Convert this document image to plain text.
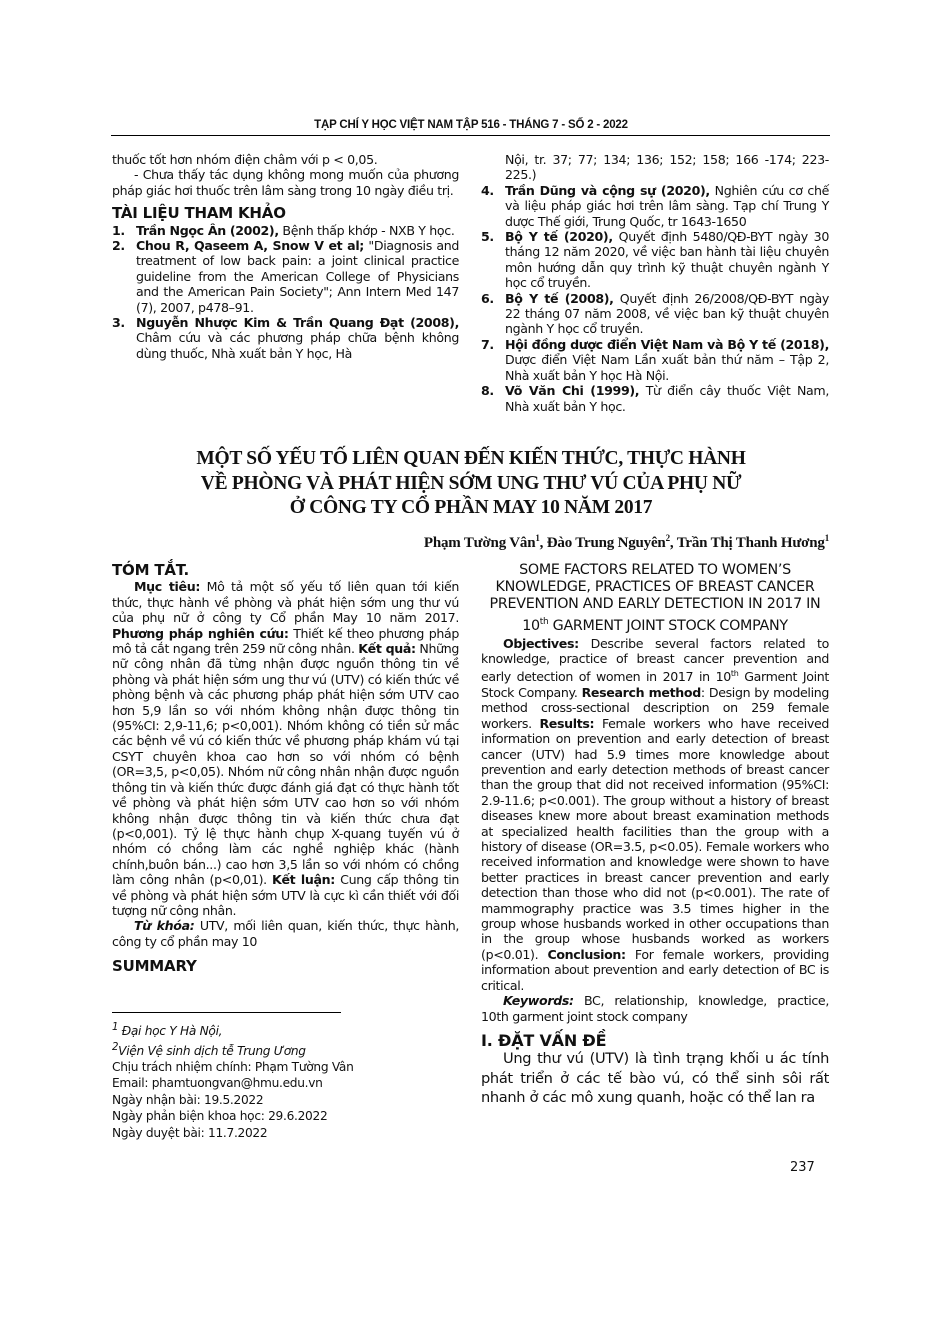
TẠP CHÍ Y HỌC VIỆT NAM TẬP 516 - THÁNG 7 - SỐ 2 - 2022

thuốc tốt hơn nhóm điện châm với p < 0,05.

- Chưa thấy tác dụng không mong muốn của phương pháp giác hơi thuốc trên lâm sàng trong 10 ngày điều trị.

TÀI LIỆU THAM KHẢO
1. Trần Ngọc Ân (2002), Bệnh thấp khớp - NXB Y học.
2. Chou R, Qaseem A, Snow V et al; "Diagnosis and treatment of low back pain: a joint clinical practice guideline from the American College of Physicians and the American Pain Society"; Ann Intern Med 147 (7), 2007, p478–91.
3. Nguyễn Nhược Kim & Trần Quang Đạt (2008), Châm cứu và các phương pháp chữa bệnh không dùng thuốc, Nhà xuất bản Y học, Hà
Nội, tr. 37; 77; 134; 136; 152; 158; 166 -174; 223-225.)
4. Trần Dũng và cộng sự (2020), Nghiên cứu cơ chế và liệu pháp giác hơi trên lâm sàng. Tạp chí Trung Y dược Thế giới, Trung Quốc, tr 1643-1650
5. Bộ Y tế (2020), Quyết định 5480/QĐ-BYT ngày 30 tháng 12 năm 2020, về việc ban hành tài liệu chuyên môn hướng dẫn quy trình kỹ thuật chuyên ngành Y học cổ truyền.
6. Bộ Y tế (2008), Quyết định 26/2008/QĐ-BYT ngày 22 tháng 07 năm 2008, về việc ban kỹ thuật chuyên ngành Y học cổ truyền.
7. Hội đồng dược điển Việt Nam và Bộ Y tế (2018), Dược điển Việt Nam Lần xuất bản thứ năm – Tập 2, Nhà xuất bản Y học Hà Nội.
8. Võ Văn Chi (1999), Từ điển cây thuốc Việt Nam, Nhà xuất bản Y học.
MỘT SỐ YẾU TỐ LIÊN QUAN ĐẾN KIẾN THỨC, THỰC HÀNH
VỀ PHÒNG VÀ PHÁT HIỆN SỚM UNG THƯ VÚ CỦA PHỤ NỮ
Ở CÔNG TY CỔ PHẦN MAY 10 NĂM 2017
Phạm Tường Vân$^1$, Đào Trung Nguyên$^2$, Trần Thị Thanh Hương$^1$
TÓM TẮT.

Mục tiêu: Mô tả một số yếu tố liên quan tới kiến thức, thực hành về phòng và phát hiện sớm ung thư vú của phụ nữ ở công ty Cổ phần May 10 năm 2017. Phương pháp nghiên cứu: Thiết kế theo phương pháp mô tả cắt ngang trên 259 nữ công nhân. Kết quả: Những nữ công nhân đã từng nhận được nguồn thông tin về phòng và phát hiện sớm ung thư vú (UTV) có kiến thức về phòng bệnh và các phương pháp phát hiện sớm UTV cao hơn 5,9 lần so với nhóm không nhận được thông tin (95%CI: 2,9-11,6; p<0,001). Nhóm không có tiền sử mắc các bệnh về vú có kiến thức về phương pháp khám vú tại CSYT chuyên khoa cao hơn so với nhóm có bệnh (OR=3,5, p<0,05). Nhóm nữ công nhân nhận được nguồn thông tin và kiến thức được đánh giá đạt có thực hành tốt về phòng và phát hiện sớm UTV cao hơn so với nhóm không nhận được thông tin và kiến thức chưa đạt (p<0,001). Tỷ lệ thực hành chụp X-quang tuyến vú ở nhóm có chồng làm các nghề nghiệp khác (hành chính,buôn bán...) cao hơn 3,5 lần so với nhóm có chồng làm công nhân (p<0,01). Kết luận: Cung cấp thông tin về phòng và phát hiện sớm UTV là cực kì cần thiết với đối tượng nữ công nhân.

Từ khóa: UTV, mối liên quan, kiến thức, thực hành, công ty cổ phần may 10

SUMMARY
$^1$ Đại học Y Hà Nội,
$^2$Viện Vệ sinh dịch tễ Trung Ương
Chịu trách nhiệm chính: Phạm Tường Vân
Email: phamtuongvan@hmu.edu.vn
Ngày nhận bài: 19.5.2022
Ngày phản biện khoa học: 29.6.2022
Ngày duyệt bài: 11.7.2022
SOME FACTORS RELATED TO WOMEN’S KNOWLEDGE, PRACTICES OF BREAST CANCER PREVENTION AND EARLY DETECTION IN 2017 IN 10th GARMENT JOINT STOCK COMPANY

Objectives: Describe several factors related to knowledge, practice of breast cancer prevention and early detection of women in 2017 in 10th Garment Joint Stock Company. Research method: Design by modeling method cross-sectional description on 259 female workers. Results: Female workers who have received information on prevention and early detection of breast cancer (UTV) had 5.9 times more knowledge about prevention and early detection methods of breast cancer than the group that did not received information (95%CI: 2.9-11.6; p<0.001). The group without a history of breast diseases knew more about breast examination methods at specialized health facilities than the group with a history of disease (OR=3.5, p<0.05). Female workers who received information and knowledge were shown to have better practices in breast cancer prevention and early detection than those who did not (p<0.001). The rate of mammography practice was 3.5 times higher in the group whose husbands worked in other occupations than in the group whose husbands worked as workers (p<0.01). Conclusion: For female workers, providing information about prevention and early detection of BC is critical.

Keywords: BC, relationship, knowledge, practice, 10th garment joint stock company

I. ĐẶT VẤN ĐỀ

Ung thư vú (UTV) là tình trạng khối u ác tính phát triển ở các tế bào vú, có thể sinh sôi rất nhanh ở các mô xung quanh, hoặc có thể lan ra

237
